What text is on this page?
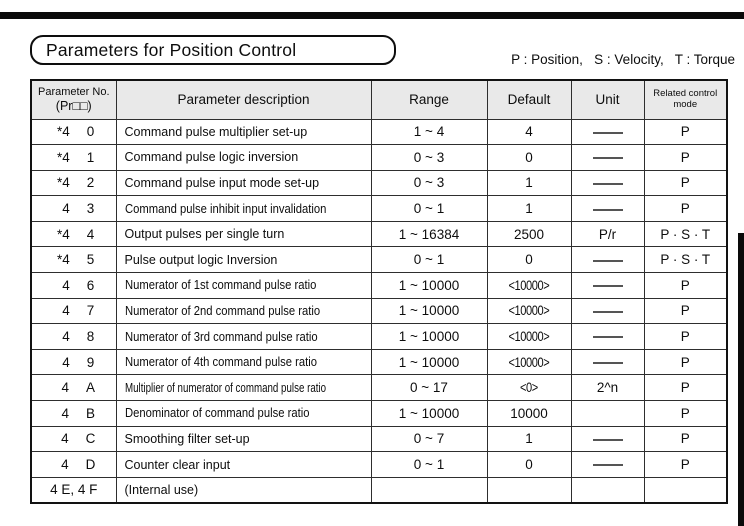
Parameters for Position Control	P : Position,   S : Velocity,   T : Torque
Parameter No.
(Pr□□)	Parameter description	Range	Default	Unit	Related control
mode

*4 0	Command pulse multiplier set-up	1 ~ 4	4		P
*4 1	Command pulse logic inversion	0 ~ 3	0		P
*4 2	Command pulse input mode set-up	0 ~ 3	1		P
4 3	Command pulse inhibit input invalidation	0 ~ 1	1		P
*4 4	Output pulses per single turn	1 ~ 16384	2500	P/r	P · S · T
*4 5	Pulse output logic Inversion	0 ~ 1	0		P · S · T
4 6	Numerator of 1st command pulse ratio	1 ~ 10000	<10000>		P
4 7	Numerator of 2nd command pulse ratio	1 ~ 10000	<10000>		P
4 8	Numerator of 3rd command pulse ratio	1 ~ 10000	<10000>		P
4 9	Numerator of 4th command pulse ratio	1 ~ 10000	<10000>		P
4 A	Multiplier of numerator of command pulse ratio	0 ~ 17	<0>	2^n	P
4 B	Denominator of command pulse ratio	1 ~ 10000	10000		P
4 C	Smoothing filter set-up	0 ~ 7	1		P
4 D	Counter clear input	0 ~ 1	0		P
4 E, 4 F	(Internal use)				
